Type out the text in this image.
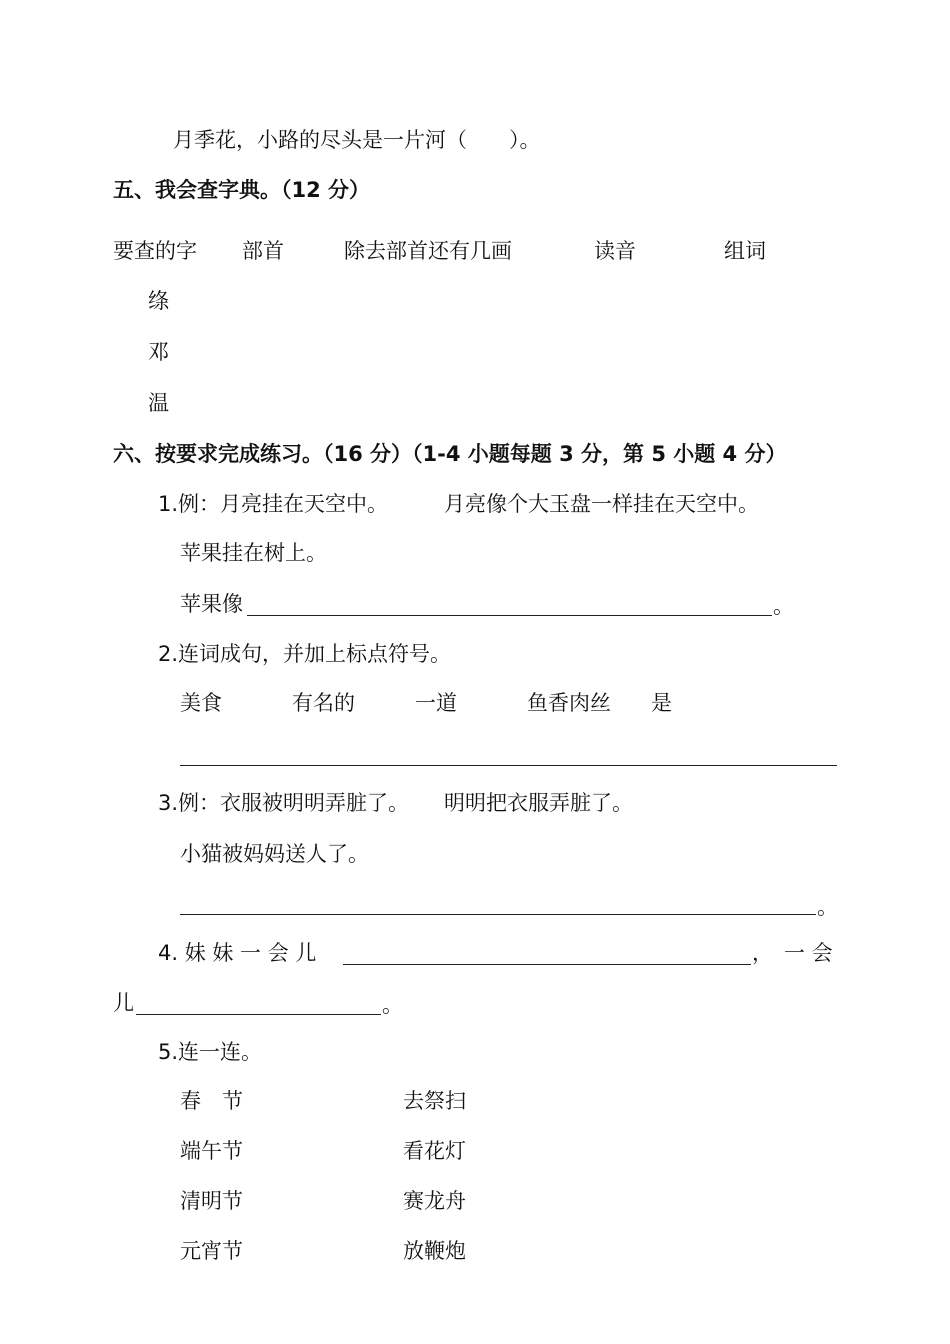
月季花，小路的尽头是一片河（　　）。
五、我会查字典。（12 分）
要查的字 部首	除去部首还有几画	读音	组词
绦
邓
温
六、按要求完成练习。（16 分）（1-4 小题每题 3 分，第 5 小题 4 分）
1.例：月亮挂在天空中。	月亮像个大玉盘一样挂在天空中。
苹果挂在树上。
苹果像	。
2.连词成句，并加上标点符号。
美食	有名的	一道	鱼香肉丝 是
3.例：衣服被明明弄脏了。 明明把衣服弄脏了。
小猫被妈妈送人了。
。
4. 妹 妹 一 会 儿	， 一 会
儿	。
5.连一连。
春　节
端午节
清明节
元宵节
去祭扫
看花灯
赛龙舟
放鞭炮
